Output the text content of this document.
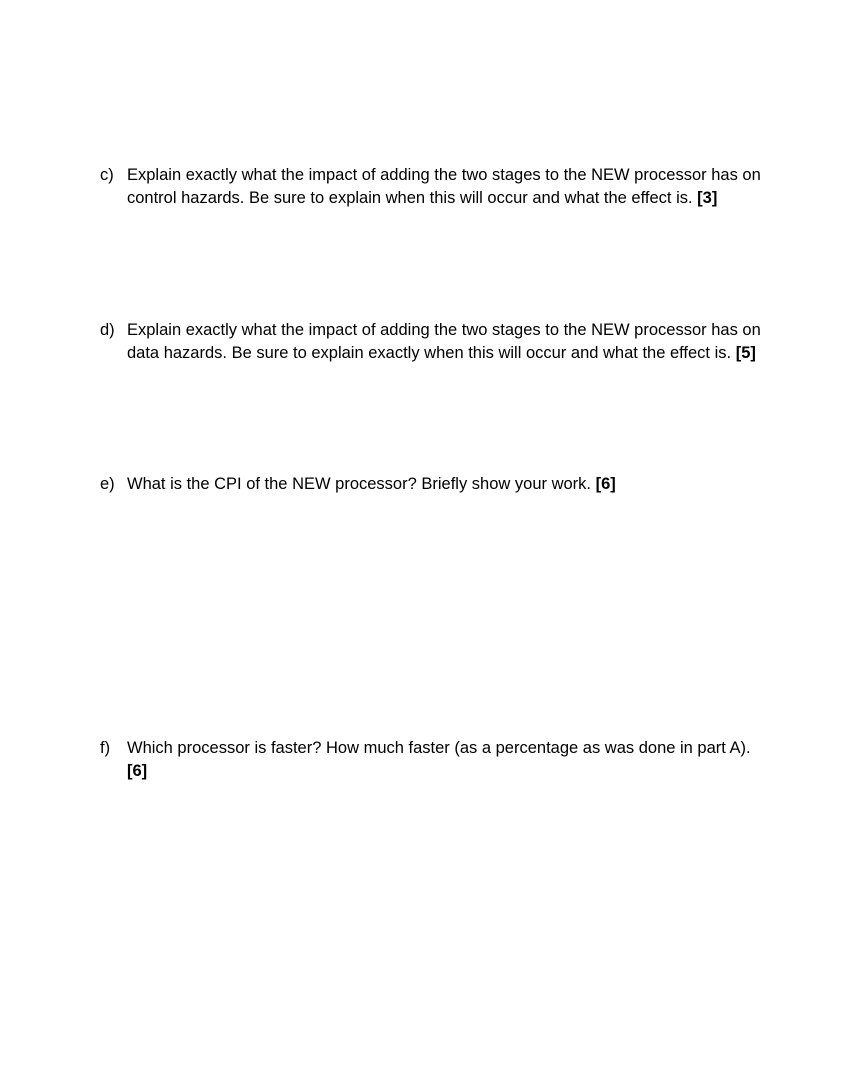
c) Explain exactly what the impact of adding the two stages to the NEW processor has on control hazards. Be sure to explain when this will occur and what the effect is. [3]
d) Explain exactly what the impact of adding the two stages to the NEW processor has on data hazards. Be sure to explain exactly when this will occur and what the effect is. [5]
e) What is the CPI of the NEW processor? Briefly show your work. [6]
f)	Which processor is faster? How much faster (as a percentage as was done in part A).
[6]
